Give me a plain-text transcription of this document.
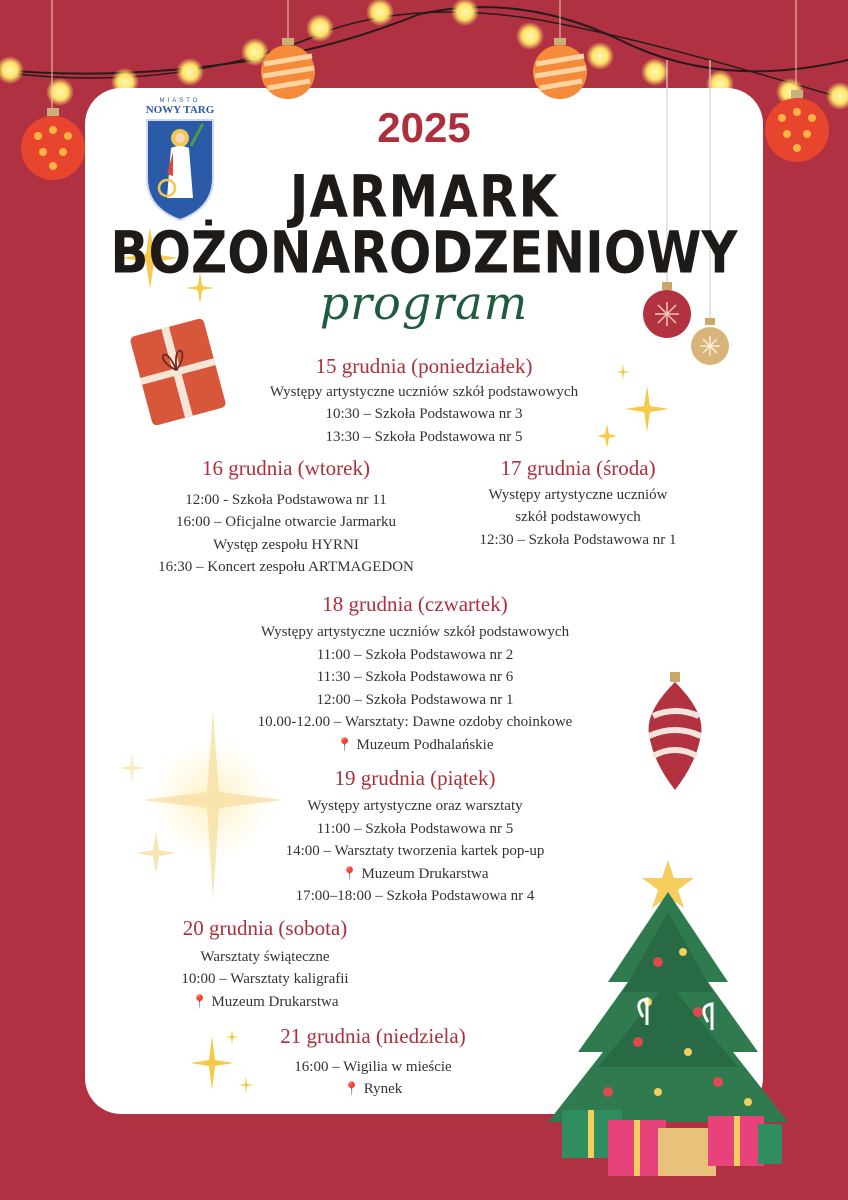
MIASTO
NOWY TARG	2025
JARMARK
BOŻONARODZENIOWY
program
15 grudnia (poniedziałek)
Występy artystyczne uczniów szkół podstawowych
10:30 – Szkoła Podstawowa nr 3
13:30 – Szkoła Podstawowa nr 5
16 grudnia (wtorek)
12:00 - Szkoła Podstawowa nr 11
16:00 – Oficjalne otwarcie Jarmarku
Występ zespołu HYRNI
16:30 – Koncert zespołu ARTMAGEDON
17 grudnia (środa)
Występy artystyczne uczniów
szkół podstawowych
12:30 – Szkoła Podstawowa nr 1
18 grudnia (czwartek)
Występy artystyczne uczniów szkół podstawowych
11:00 – Szkoła Podstawowa nr 2
11:30 – Szkoła Podstawowa nr 6
12:00 – Szkoła Podstawowa nr 1
10.00-12.00 – Warsztaty: Dawne ozdoby choinkowe
📍 Muzeum Podhalańskie
19 grudnia (piątek)
Występy artystyczne oraz warsztaty
11:00 – Szkoła Podstawowa nr 5
14:00 – Warsztaty tworzenia kartek pop-up
📍 Muzeum Drukarstwa
17:00–18:00 – Szkoła Podstawowa nr 4
20 grudnia (sobota)
Warsztaty świąteczne
10:00 – Warsztaty kaligrafii
📍 Muzeum Drukarstwa
21 grudnia (niedziela)
16:00 – Wigilia w mieście
📍 Rynek
